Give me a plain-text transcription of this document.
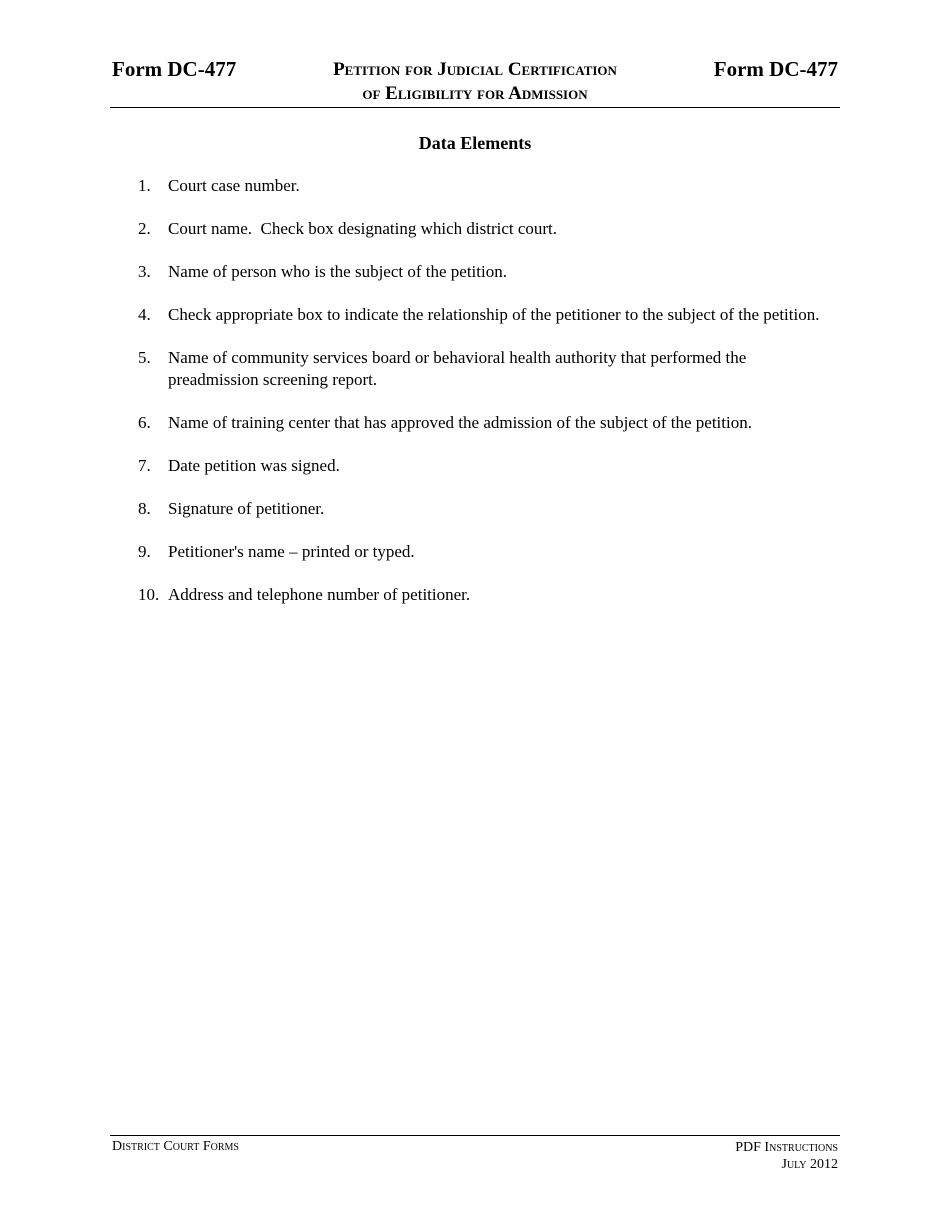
Form DC-477	Petition for Judicial Certification
of Eligibility for Admission
Form DC-477
Data Elements
1. Court case number.
2. Court name.  Check box designating which district court.
3. Name of person who is the subject of the petition.
4. Check appropriate box to indicate the relationship of the petitioner to the subject of the petition.
5. Name of community services board or behavioral health authority that performed the preadmission screening report.
6. Name of training center that has approved the admission of the subject of the petition.
7. Date petition was signed.
8. Signature of petitioner.
9. Petitioner's name – printed or typed.
10. Address and telephone number of petitioner.
District Court Forms	PDF Instructions
July 2012
